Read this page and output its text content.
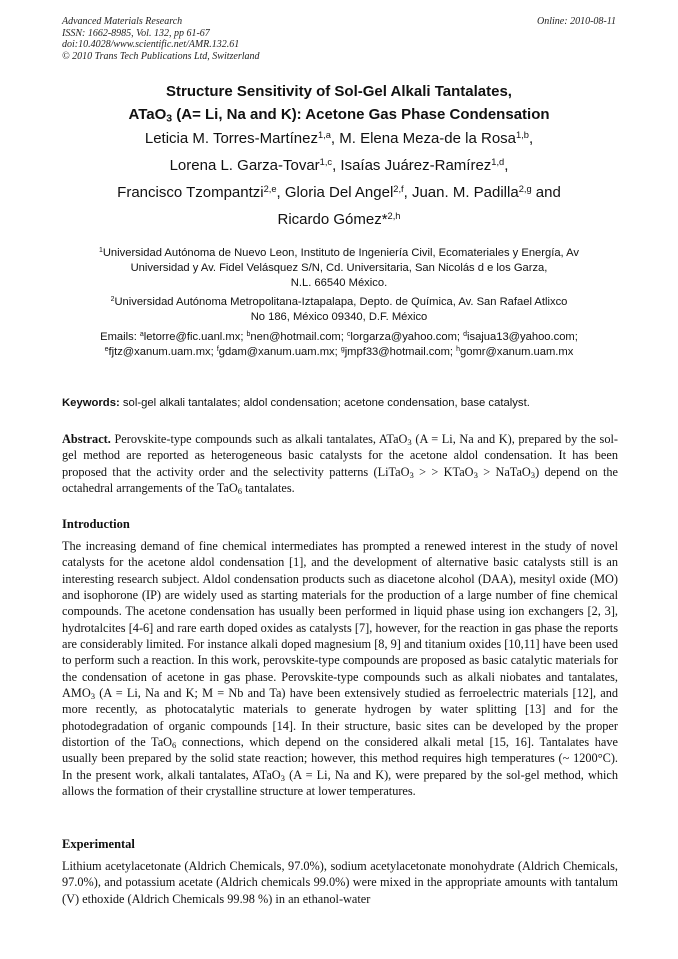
Advanced Materials Research
ISSN: 1662-8985, Vol. 132, pp 61-67
doi:10.4028/www.scientific.net/AMR.132.61
© 2010 Trans Tech Publications Ltd, Switzerland
Online: 2010-08-11
Structure Sensitivity of Sol-Gel Alkali Tantalates,
ATaO$_3$ (A= Li, Na and K): Acetone Gas Phase Condensation
Leticia M. Torres-Martínez$^{1,a}$, M. Elena Meza-de la Rosa$^{1,b}$,
Lorena L. Garza-Tovar$^{1,c}$, Isaías Juárez-Ramírez$^{1,d}$,
Francisco Tzompantzi$^{2,e}$, Gloria Del Angel$^{2,f}$, Juan. M. Padilla$^{2,g}$ and
Ricardo Gómez*$^{2,h}$
$^1$Universidad Autónoma de Nuevo Leon, Instituto de Ingeniería Civil, Ecomateriales y Energía, Av
Universidad y Av. Fidel Velásquez S/N, Cd. Universitaria, San Nicolás d e los Garza,
N.L. 66540 México.
$^2$Universidad Autónoma Metropolitana-Iztapalapa, Depto. de Química, Av. San Rafael Atlixco
No 186, México 09340, D.F. México
Emails: $^a$letorre@fic.uanl.mx; $^b$nen@hotmail.com; $^c$lorgarza@yahoo.com; $^d$isajua13@yahoo.com;
$^e$fjtz@xanum.uam.mx; $^f$gdam@xanum.uam.mx; $^g$jmpf33@hotmail.com; $^h$gomr@xanum.uam.mx
Keywords: sol-gel alkali tantalates; aldol condensation; acetone condensation, base catalyst.

Abstract. Perovskite-type compounds such as alkali tantalates, ATaO$_3$ (A = Li, Na and K), prepared by the sol-gel method are reported as heterogeneous basic catalysts for the acetone aldol condensation. It has been proposed that the activity order and the selectivity patterns (LiTaO$_3$ > > KTaO$_3$ > NaTaO$_3$) depend on the octahedral arrangements of the TaO$_6$ tantalates.

Introduction

The increasing demand of fine chemical intermediates has prompted a renewed interest in the study of novel catalysts for the acetone aldol condensation [1], and the development of alternative basic catalysts still is an interesting research subject. Aldol condensation products such as diacetone alcohol (DAA), mesityl oxide (MO) and isophorone (IP) are widely used as starting materials for the production of a large number of fine chemical compounds. The acetone condensation has usually been performed in liquid phase using ion exchangers [2, 3], hydrotalcites [4-6] and rare earth doped oxides as catalysts [7], however, for the reaction in gas phase the reports are considerably limited. For instance alkali doped magnesium [8, 9] and titanium oxides [10,11] have been used to perform such a reaction. In this work, perovskite-type compounds are proposed as basic catalytic materials for the condensation of acetone in gas phase. Perovskite-type compounds such as alkali niobates and tantalates, $AMO_3$ (A = Li, Na and K; M = Nb and Ta) have been extensively studied as ferroelectric materials [12], and more recently, as photocatalytic materials to generate hydrogen by water splitting [13] and for the photodegradation of organic compounds [14]. In their structure, basic sites can be developed by the proper distortion of the TaO$_6$ connections, which depend on the considered alkali metal [15, 16]. Tantalates have usually been prepared by the solid state reaction; however, this method requires high temperatures (~ 1200°C). In the present work, alkali tantalates, ATaO$_3$ (A = Li, Na and K), were prepared by the sol-gel method, which allows the formation of their crystalline structure at lower temperatures.

Experimental

Lithium acetylacetonate (Aldrich Chemicals, 97.0%), sodium acetylacetonate monohydrate (Aldrich Chemicals, 97.0%), and potassium acetate (Aldrich chemicals 99.0%) were mixed in the appropriate amounts with tantalum (V) ethoxide (Aldrich Chemicals 99.98 %) in an ethanol-water
